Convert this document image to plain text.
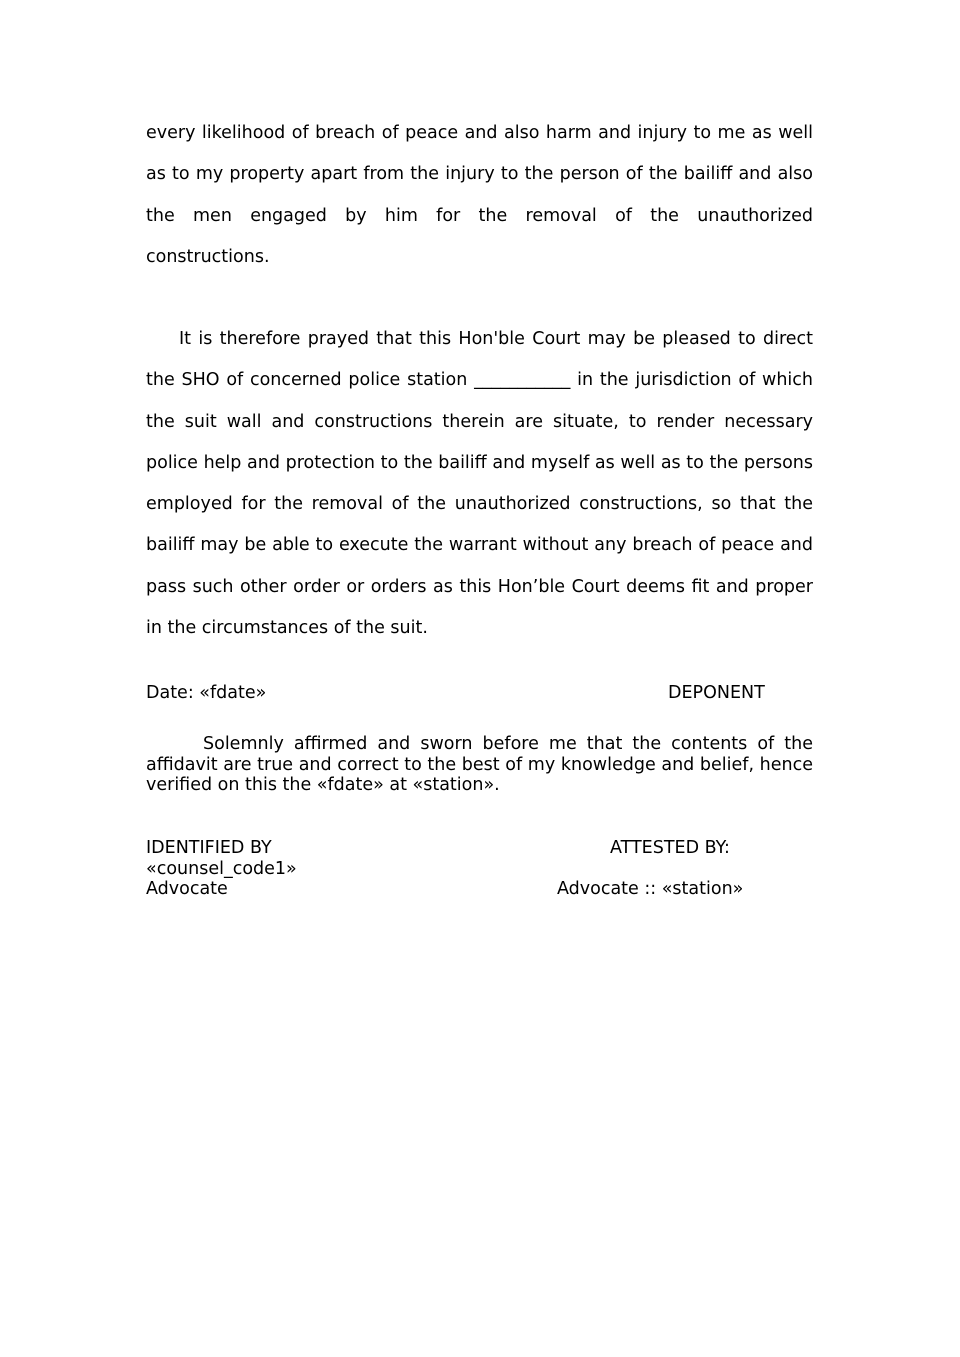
every likelihood of breach of peace and also harm and injury to me as well as to my property apart from the injury to the person of the bailiff and also the men engaged by him for the removal of the unauthorized constructions.

It is therefore prayed that this Hon'ble Court may be pleased to direct the SHO of concerned police station ___________ in the jurisdiction of which the suit wall and constructions therein are situate, to render necessary police help and protection to the bailiff and myself as well as to the persons employed for the removal of the unauthorized constructions, so that the bailiff may be able to execute the warrant without any breach of peace and pass such other order or orders as this Hon’ble Court deems fit and proper in the circumstances of the suit.

Date: «fdate»	DEPONENT

Solemnly affirmed and sworn before me that the contents of the affidavit are true and correct to the best of my knowledge and belief, hence verified on this the «fdate» at «station».

IDENTIFIED BY
«counsel_code1»
Advocate
ATTESTED BY:
Advocate :: «station»
